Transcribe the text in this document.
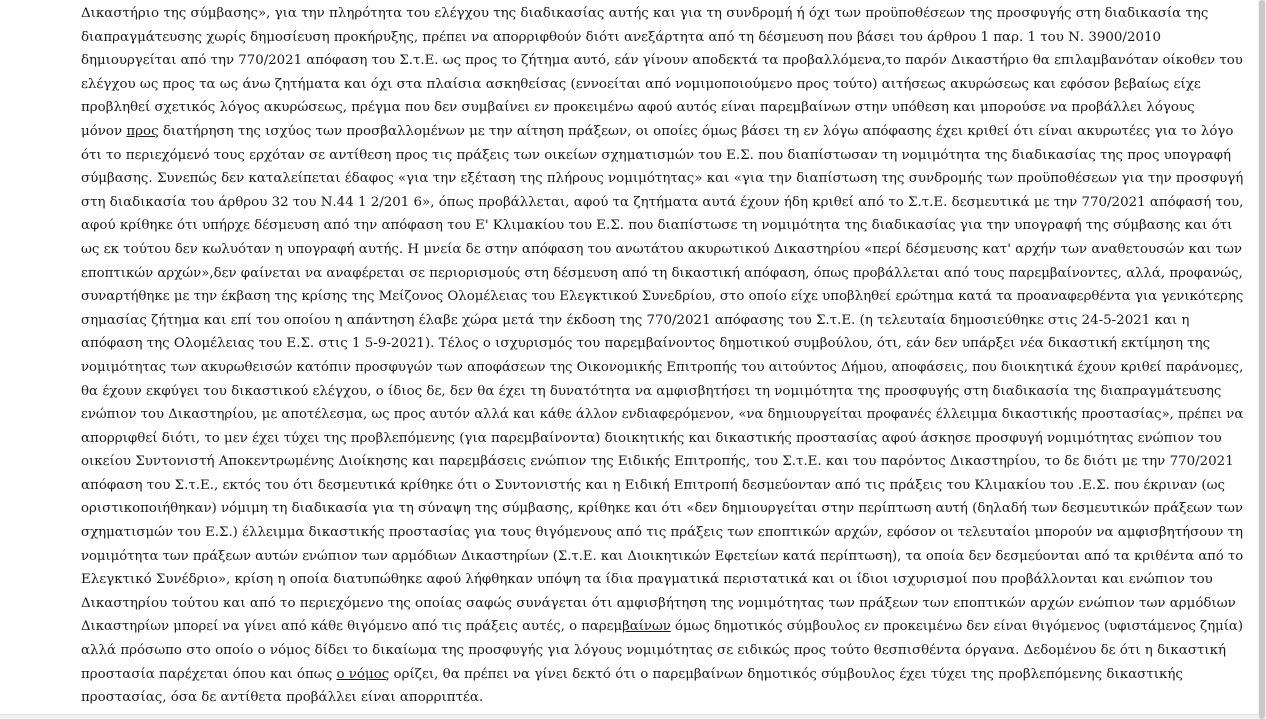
Δικαστήριο της σύμβασης», για την πληρότητα του ελέγχου της διαδικασίας αυτής και για τη συνδρομή ή όχι των προϋποθέσεων της προσφυγής στη διαδικασία της
διαπραγμάτευσης χωρίς δημοσίευση προκήρυξης, πρέπει να απορριφθούν διότι ανεξάρτητα από τη δέσμευση που βάσει του άρθρου 1 παρ. 1 του Ν. 3900/2010
δημιουργείται από την 770/2021 απόφαση του Σ.τ.Ε. ως προς το ζήτημα αυτό, εάν γίνουν αποδεκτά τα προβαλλόμενα,το παρόν Δικαστήριο θα επιλαμβανόταν οίκοθεν του
ελέγχου ως προς τα ως άνω ζητήματα και όχι στα πλαίσια ασκηθείσας (εννοείται από νομιμοποιούμενο προς τούτο) αιτήσεως ακυρώσεως και εφόσον βεβαίως είχε
προβληθεί σχετικός λόγος ακυρώσεως, πρέγμα που δεν συμβαίνει εν προκειμένω αφού αυτός είναι παρεμβαίνων στην υπόθεση και μπορούσε να προβάλλει λόγους
μόνον προς διατήρηση της ισχύος των προσβαλλομένων με την αίτηση πράξεων, οι οποίες όμως βάσει τη εν λόγω απόφασης έχει κριθεί ότι είναι ακυρωτέες για το λόγο
ότι το περιεχόμενό τους ερχόταν σε αντίθεση προς τις πράξεις των οικείων σχηματισμών του Ε.Σ. που διαπίστωσαν τη νομιμότητα της διαδικασίας της προς υπογραφή
σύμβασης. Συνεπώς δεν καταλείπεται έδαφος «για την εξέταση της πλήρους νομιμότητας» και «για την διαπίστωση της συνδρομής των προϋποθέσεων για την προσφυγή
στη διαδικασία του άρθρου 32 του Ν.44 1 2/201 6», όπως προβάλλεται, αφού τα ζητήματα αυτά έχουν ήδη κριθεί από το Σ.τ.Ε. δεσμευτικά με την 770/2021 απόφασή του,
αφού κρίθηκε ότι υπήρχε δέσμευση από την απόφαση του Ε' Κλιμακίου του Ε.Σ. που διαπίστωσε τη νομιμότητα της διαδικασίας για την υπογραφή της σύμβασης και ότι
ως εκ τούτου δεν κωλυόταν η υπογραφή αυτής. Η μνεία δε στην απόφαση του ανωτάτου ακυρωτικού Δικαστηρίου «περί δέσμευσης κατ' αρχήν των αναθετουσών και των
εποπτικών αρχών»,δεν φαίνεται να αναφέρεται σε περιορισμούς στη δέσμευση από τη δικαστική απόφαση, όπως προβάλλεται από τους παρεμβαίνοντες, αλλά, προφανώς,
συναρτήθηκε με την έκβαση της κρίσης της Μείζονος Ολομέλειας του Ελεγκτικού Συνεδρίου, στο οποίο είχε υποβληθεί ερώτημα κατά τα προαναφερθέντα για γενικότερης
σημασίας ζήτημα και επί του οποίου η απάντηση έλαβε χώρα μετά την έκδοση της 770/2021 απόφασης του Σ.τ.Ε. (η τελευταία δημοσιεύθηκε στις 24-5-2021 και η
απόφαση της Ολομέλειας του Ε.Σ. στις 1 5-9-2021). Τέλος ο ισχυρισμός του παρεμβαίνοντος δημοτικού συμβούλου, ότι, εάν δεν υπάρξει νέα δικαστική εκτίμηση της
νομιμότητας των ακυρωθεισών κατόπιν προσφυγών των αποφάσεων της Οικονομικής Επιτροπής του αιτούντος Δήμου, αποφάσεις, που διοικητικά έχουν κριθεί παράνομες,
θα έχουν εκφύγει του δικαστικού ελέγχου, ο ίδιος δε, δεν θα έχει τη δυνατότητα να αμφισβητήσει τη νομιμότητα της προσφυγής στη διαδικασία της διαπραγμάτευσης
ενώπιον του Δικαστηρίου, με αποτέλεσμα, ως προς αυτόν αλλά και κάθε άλλον ενδιαφερόμενον, «να δημιουργείται προφανές έλλειμμα δικαστικής προστασίας», πρέπει να
απορριφθεί διότι, το μεν έχει τύχει της προβλεπόμενης (για παρεμβαίνοντα) διοικητικής και δικαστικής προστασίας αφού άσκησε προσφυγή νομιμότητας ενώπιον του
οικείου Συντονιστή Αποκεντρωμένης Διοίκησης και παρεμβάσεις ενώπιον της Ειδικής Επιτροπής, του Σ.τ.Ε. και του παρόντος Δικαστηρίου, το δε διότι με την 770/2021
απόφαση του Σ.τ.Ε., εκτός του ότι δεσμευτικά κρίθηκε ότι ο Συντονιστής και η Ειδική Επιτροπή δεσμεύονταν από τις πράξεις του Κλιμακίου του .Ε.Σ. που έκριναν (ως
οριστικοποιήθηκαν) νόμιμη τη διαδικασία για τη σύναψη της σύμβασης, κρίθηκε και ότι «δεν δημιουργείται στην περίπτωση αυτή (δηλαδή των δεσμευτικών πράξεων των
σχηματισμών του Ε.Σ.) έλλειμμα δικαστικής προστασίας για τους θιγόμενους από τις πράξεις των εποπτικών αρχών, εφόσον οι τελευταίοι μπορούν να αμφισβητήσουν τη
νομιμότητα των πράξεων αυτών ενώπιον των αρμόδιων Δικαστηρίων (Σ.τ.Ε. και Διοικητικών Εφετείων κατά περίπτωση), τα οποία δεν δεσμεύονται από τα κριθέντα από το
Ελεγκτικό Συνέδριο», κρίση η οποία διατυπώθηκε αφού λήφθηκαν υπόψη τα ίδια πραγματικά περιστατικά και οι ίδιοι ισχυρισμοί που προβάλλονται και ενώπιον του
Δικαστηρίου τούτου και από το περιεχόμενο της οποίας σαφώς συνάγεται ότι αμφισβήτηση της νομιμότητας των πράξεων των εποπτικών αρχών ενώπιον των αρμόδιων
Δικαστηρίων μπορεί να γίνει από κάθε θιγόμενο από τις πράξεις αυτές, ο παρεμβαίνων όμως δημοτικός σύμβουλος εν προκειμένω δεν είναι θιγόμενος (υφιστάμενος ζημία)
αλλά πρόσωπο στο οποίο ο νόμος δίδει το δικαίωμα της προσφυγής για λόγους νομιμότητας σε ειδικώς προς τούτο θεσπισθέντα όργανα. Δεδομένου δε ότι η δικαστική
προστασία παρέχεται όπου και όπως ο νόμος ορίζει, θα πρέπει να γίνει δεκτό ότι ο παρεμβαίνων δημοτικός σύμβουλος έχει τύχει της προβλεπόμενης δικαστικής
προστασίας, όσα δε αντίθετα προβάλλει είναι απορριπτέα.
